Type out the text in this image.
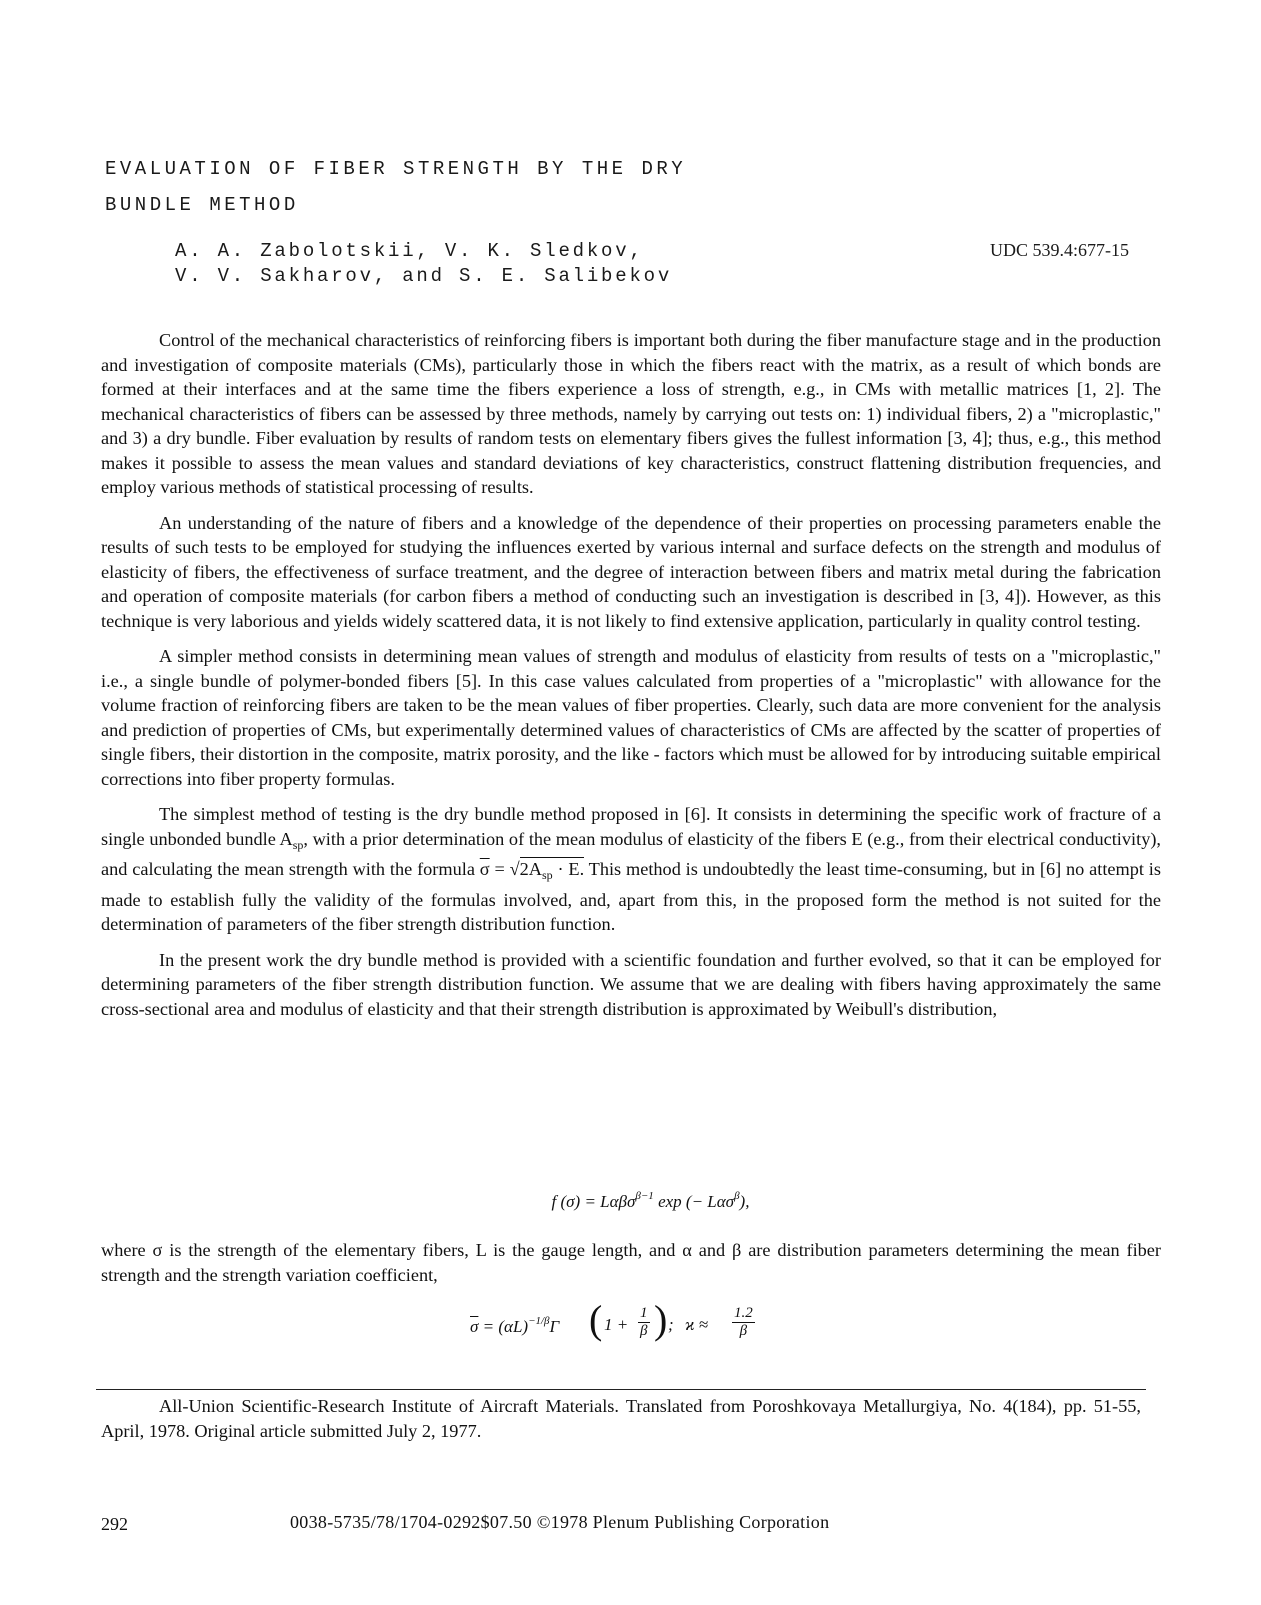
EVALUATION OF FIBER STRENGTH BY THE DRY
BUNDLE METHOD
A. A. Zabolotskii, V. K. Sledkov,
V. V. Sakharov, and S. E. Salibekov
UDC 539.4:677-15

Control of the mechanical characteristics of reinforcing fibers is important both during the fiber manufacture stage and in the production and investigation of composite materials (CMs), particularly those in which the fibers react with the matrix, as a result of which bonds are formed at their interfaces and at the same time the fibers experience a loss of strength, e.g., in CMs with metallic matrices [1, 2]. The mechanical characteristics of fibers can be assessed by three methods, namely by carrying out tests on: 1) individual fibers, 2) a "microplastic," and 3) a dry bundle. Fiber evaluation by results of random tests on elementary fibers gives the fullest information [3, 4]; thus, e.g., this method makes it possible to assess the mean values and standard deviations of key characteristics, construct flattening distribution frequencies, and employ various methods of statistical processing of results.

An understanding of the nature of fibers and a knowledge of the dependence of their properties on processing parameters enable the results of such tests to be employed for studying the influences exerted by various internal and surface defects on the strength and modulus of elasticity of fibers, the effectiveness of surface treatment, and the degree of interaction between fibers and matrix metal during the fabrication and operation of composite materials (for carbon fibers a method of conducting such an investigation is described in [3, 4]). However, as this technique is very laborious and yields widely scattered data, it is not likely to find extensive application, particularly in quality control testing.

A simpler method consists in determining mean values of strength and modulus of elasticity from results of tests on a "microplastic," i.e., a single bundle of polymer-bonded fibers [5]. In this case values calculated from properties of a "microplastic" with allowance for the volume fraction of reinforcing fibers are taken to be the mean values of fiber properties. Clearly, such data are more convenient for the analysis and prediction of properties of CMs, but experimentally determined values of characteristics of CMs are affected by the scatter of properties of single fibers, their distortion in the composite, matrix porosity, and the like - factors which must be allowed for by introducing suitable empirical corrections into fiber property formulas.

The simplest method of testing is the dry bundle method proposed in [6]. It consists in determining the specific work of fracture of a single unbonded bundle $A_{sp}$, with a prior determination of the mean modulus of elasticity of the fibers E (e.g., from their electrical conductivity), and calculating the mean strength with the formula $\overline{\sigma} = √2A_{sp} \cdot E$. This method is undoubtedly the least time-consuming, but in [6] no attempt is made to establish fully the validity of the formulas involved, and, apart from this, in the proposed form the method is not suited for the determination of parameters of the fiber strength distribution function.

In the present work the dry bundle method is provided with a scientific foundation and further evolved, so that it can be employed for determining parameters of the fiber strength distribution function. We assume that we are dealing with fibers having approximately the same cross-sectional area and modulus of elasticity and that their strength distribution is approximated by Weibull's distribution,

f (σ) = Lαβσ$^{\beta-1}$ exp (− Lασ$^\beta$),

where σ is the strength of the elementary fibers, L is the gauge length, and α and β are distribution parameters determining the mean fiber strength and the strength variation coefficient,

$\overline{\sigma} = (\alpha L)^{-1/\beta}\Gamma$ ( $1 + \frac{1}{\beta}$ ) ; $ϰ \approx \frac{1.2}{\beta}$

All-Union Scientific-Research Institute of Aircraft Materials. Translated from Poroshkovaya Metallurgiya, No. 4(184), pp. 51-55, April, 1978. Original article submitted July 2, 1977.

292	0038-5735/78/1704-0292$07.50 ©1978 Plenum Publishing Corporation
